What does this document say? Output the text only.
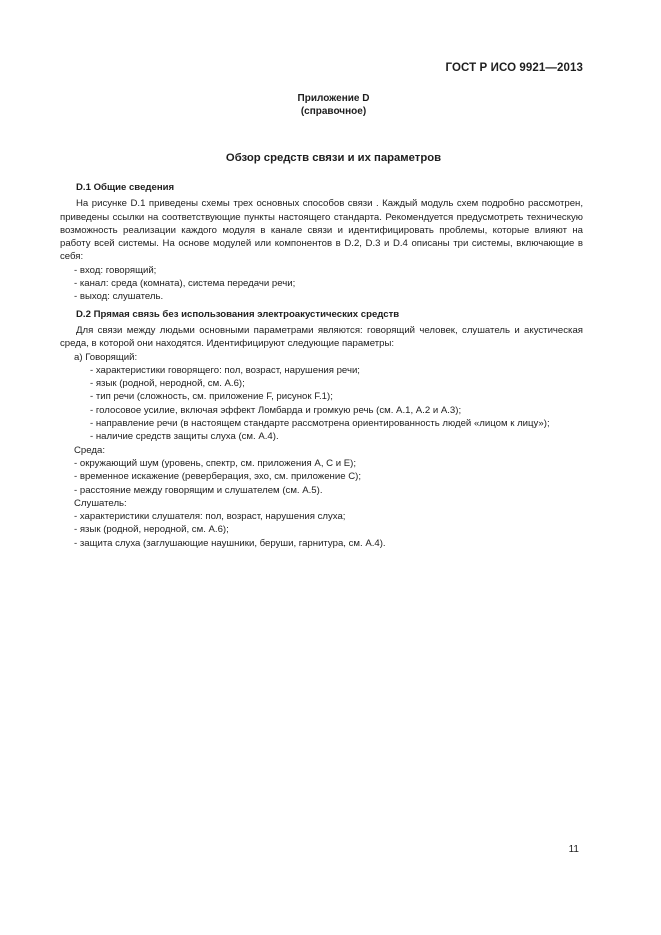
ГОСТ Р ИСО 9921—2013
Приложение D
(справочное)
Обзор средств связи и их параметров
D.1 Общие сведения

На рисунке D.1 приведены схемы трех основных способов связи . Каждый модуль схем подробно рассмотрен, приведены ссылки на соответствующие пункты настоящего стандарта. Рекомендуется предусмотреть техническую возможность реализации каждого модуля в канале связи и идентифицировать проблемы, которые влияют на работу всей системы. На основе модулей или компонентов в D.2, D.3 и D.4 описаны три системы, включающие в себя:

- вход: говорящий;

- канал: среда (комната), система передачи речи;

- выход: слушатель.

D.2 Прямая связь без использования электроакустических средств

Для связи между людьми основными параметрами являются: говорящий человек, слушатель и акустическая среда, в которой они находятся. Идентифицируют следующие параметры:

а) Говорящий:

- характеристики говорящего: пол, возраст, нарушения речи;

- язык (родной, неродной, см. А.6);

- тип речи (сложность, см. приложение F, рисунок F.1);

- голосовое усилие, включая эффект Ломбарда и громкую речь (см. А.1, А.2 и А.3);

- направление речи (в настоящем стандарте рассмотрена ориентированность людей «лицом к лицу»);

- наличие средств защиты слуха (см. А.4).

Среда:

- окружающий шум (уровень, спектр, см. приложения А, С и Е);

- временное искажение (реверберация, эхо, см. приложение С);

- расстояние между говорящим и слушателем (см. А.5).

Слушатель:

- характеристики слушателя: пол, возраст, нарушения слуха;

- язык (родной, неродной, см. А.6);

- защита слуха (заглушающие наушники, беруши, гарнитура, см. А.4).

11
